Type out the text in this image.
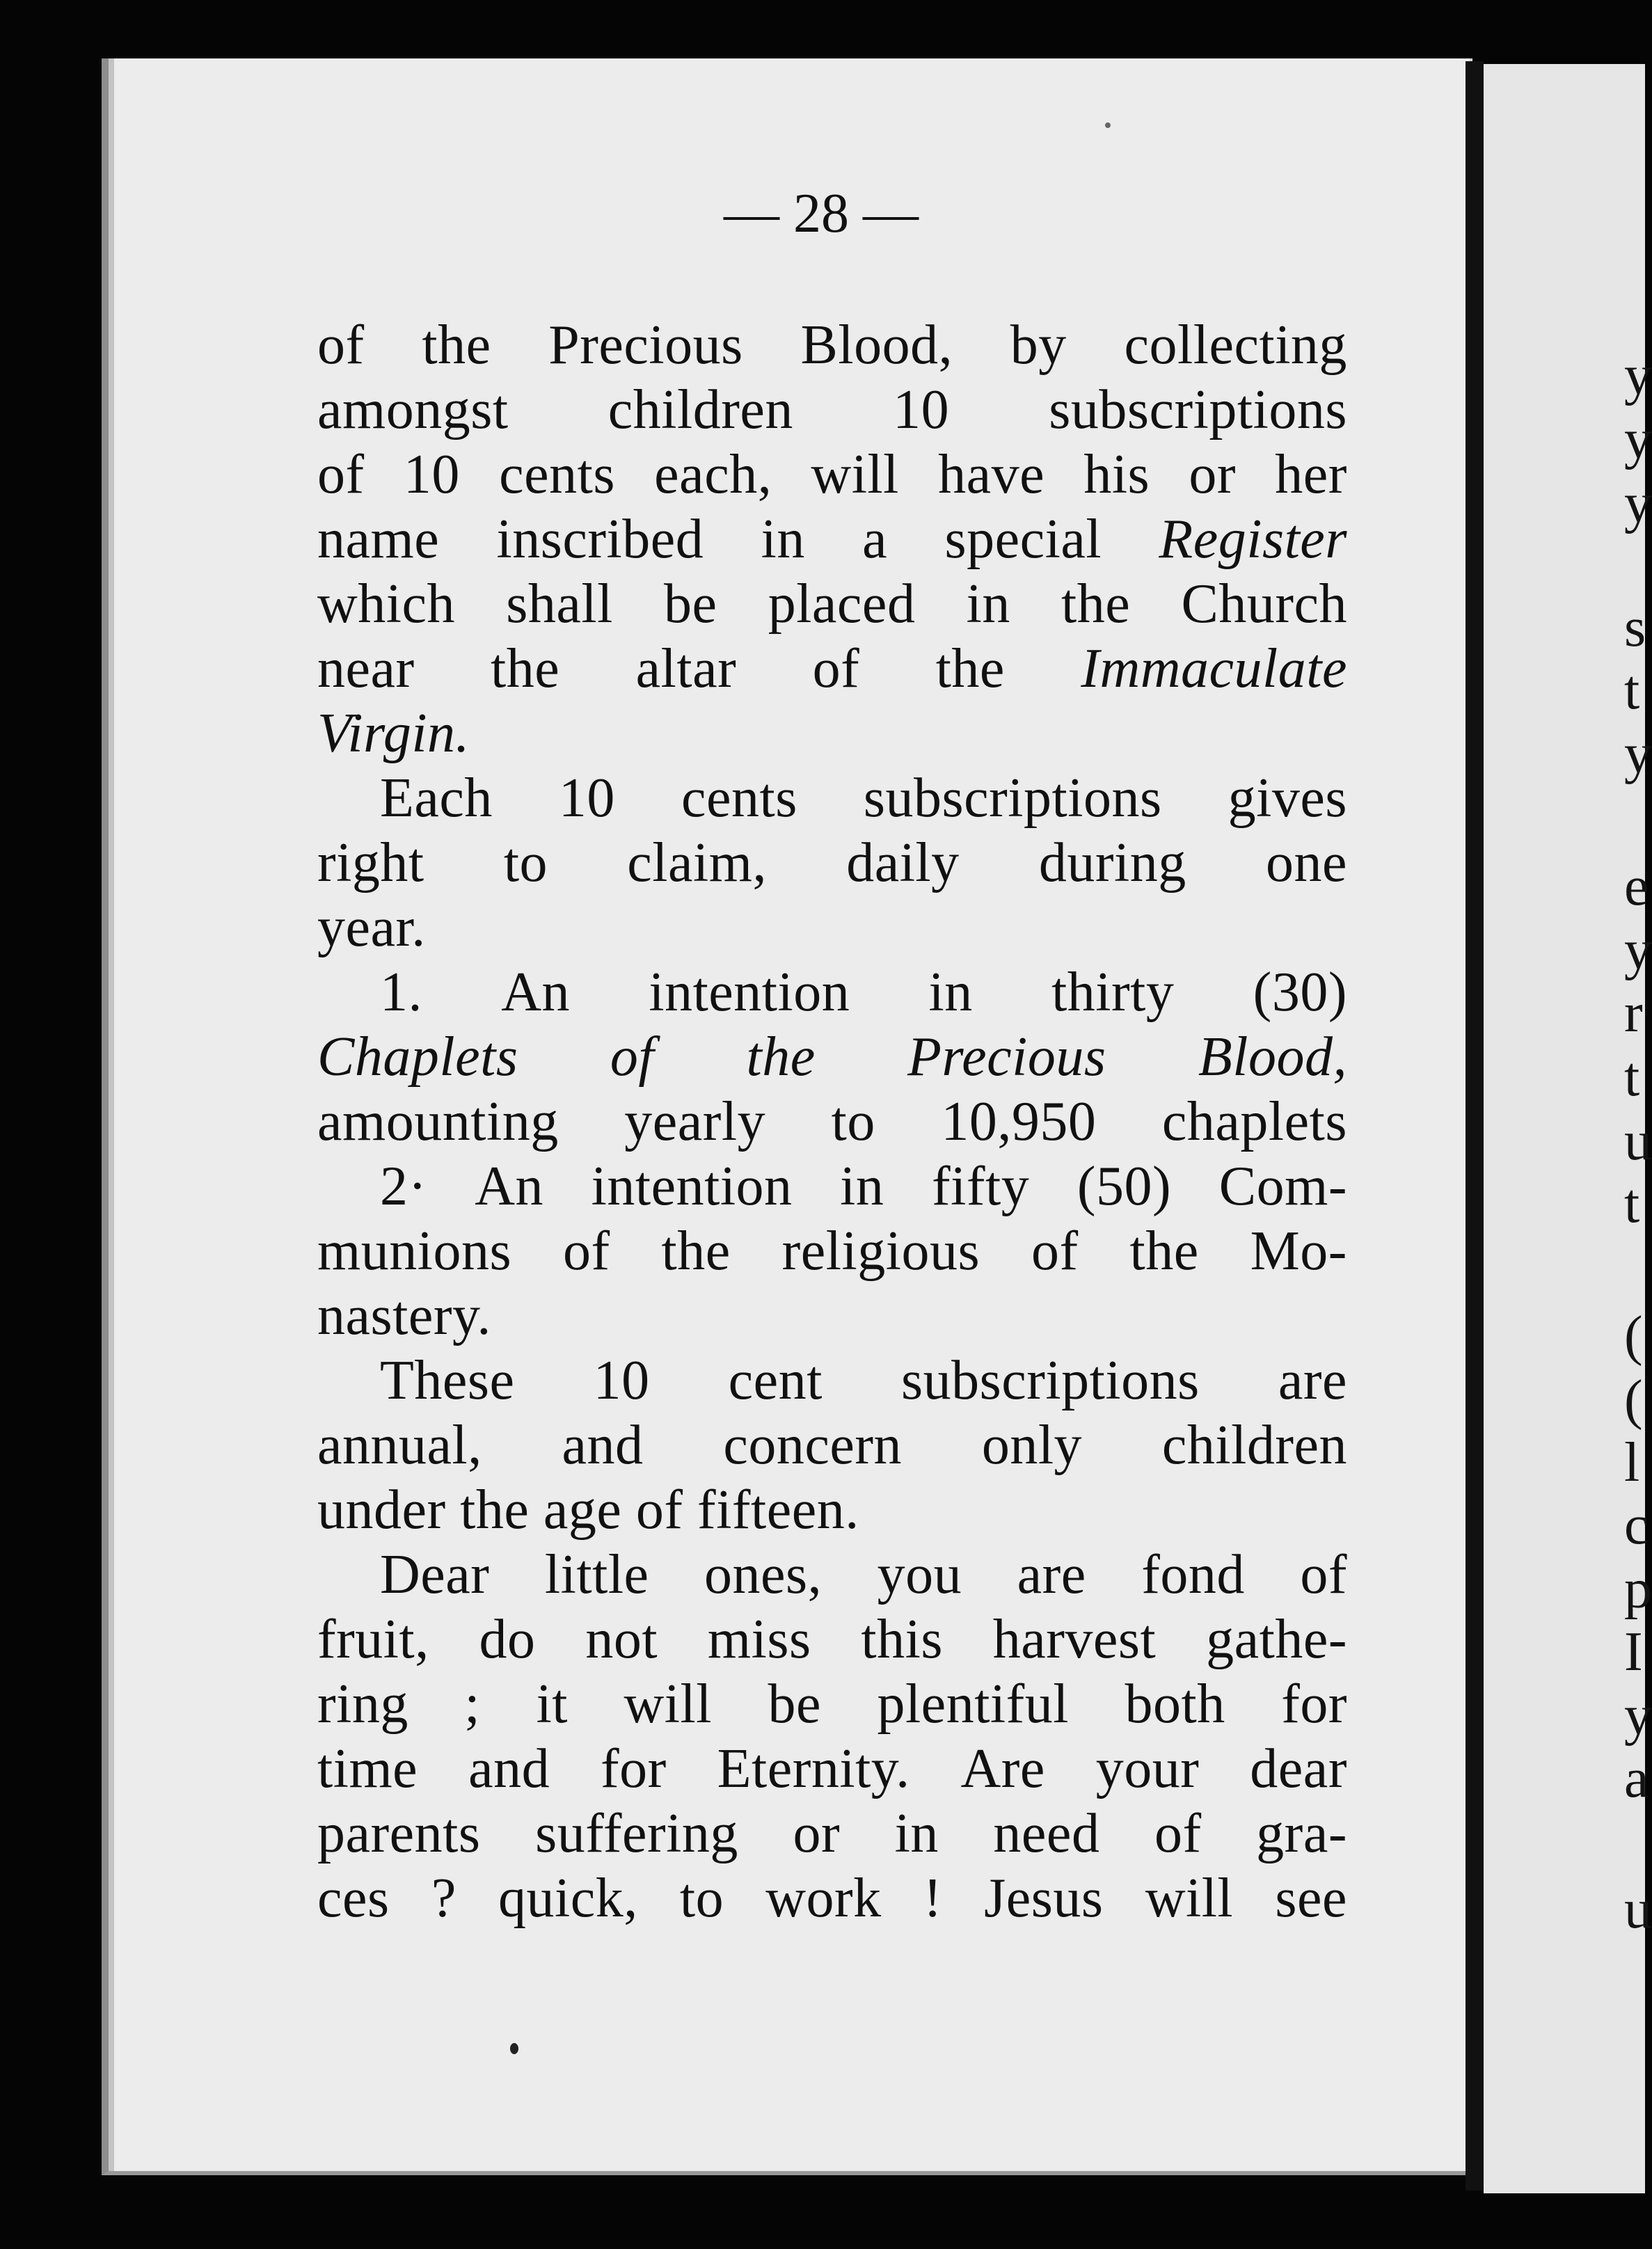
y
y
y
s
t
y
e
y
r
t
u
t
(
(
l
c
p
I
y
a
u
— 28 —
of the Precious Blood, by collecting
amongst children 10 subscriptions
of 10 cents each, will have his or her
name inscribed in a special Register
which shall be placed in the Church
near the altar of the Immaculate
Virgin.
Each 10 cents subscriptions gives
right to claim, daily during one
year.
1. An intention in thirty (30)
Chaplets of the Precious Blood,
amounting yearly to 10,950 chaplets
2· An intention in fifty (50) Com-
munions of the religious of the Mo-
nastery.
These 10 cent subscriptions are
annual, and concern only children
under
the
age
of
fifteen.
Dear little ones, you are fond of
fruit, do not miss this harvest gathe-
ring ; it will be plentiful both for
time and for Eternity. Are your dear
parents suffering or in need of gra-
ces ? quick, to work ! Jesus will see
